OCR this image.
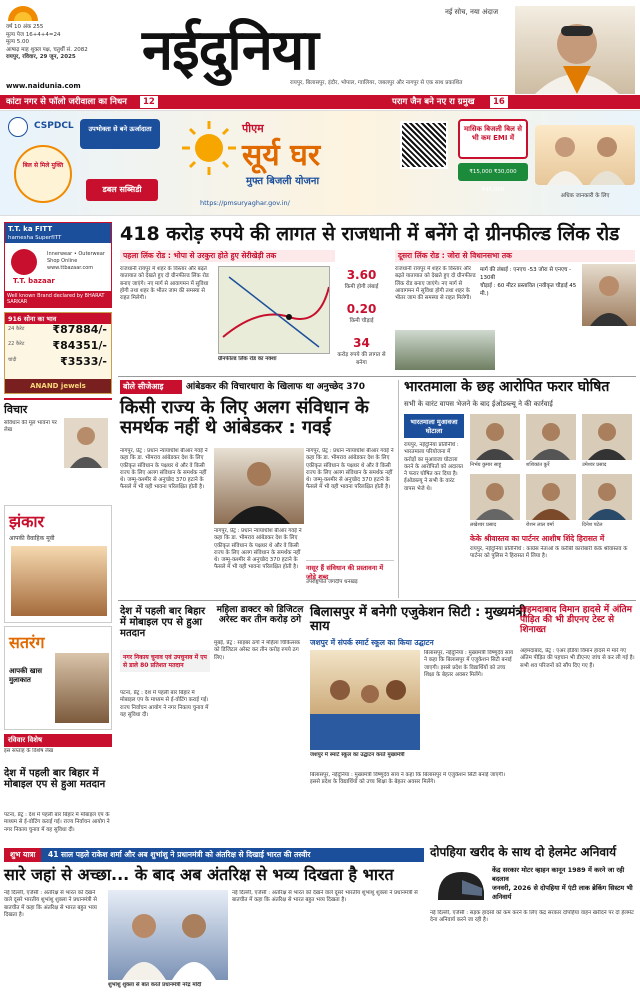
वर्ष 10 अंक 255
मूल्य पेज 16+4+4=24
मूल्य 5.00
आषाढ़ माह शुक्ल पक्ष, चतुर्थी सं. 2082
रायपुर, रविवार, 29 जून, 2025
www.naidunia.com
नईदुनिया
नई सोच, नया अंदाज
रायपुर, बिलासपुर, इंदौर, भोपाल, ग्वालियर, जबलपुर और नागपुर से एक साथ प्रकाशित
कांटा नगर से फॉलो जरीवाला का निधन	12	पराग जैन बने नए रा ग्रमुख	16
CSPDCL
बिल से मिले मुक्ति
उपभोक्ता से बने ऊर्जादाता
डबल सब्सिडी
पीएम
सूर्य घर
मुफ्त बिजली योजना
https://pmsuryaghar.gov.in/
मासिक बिजली बिल से भी कम EMI में
₹15,000 ₹30,000 ₹45,000
अधिक जानकारी के लिए
T.T. ka FITT
hamesha SuperfITT
T.T. bazaar
Innerwear • Outerwear
Shop Online www.ttbazaar.com
Well known Brand declared by BHARAT SARKAR
916 सोना का भाव
24 कैरेट	₹87884/-
22 कैरेट	₹84351/-
चांदी	₹3533/-
ANAND jewels
विचार
संविधान की मूल भावना पर लेख
झंकार
आपकी वैवाहिक मूवी
सतरंग
आपकी खास मुलाकात
रविवार विशेष
इस सप्ताह के विशेष लेख
418 करोड़ रुपये की लागत से राजधानी में बनेंगे दो ग्रीनफील्ड लिंक रोड
पहला लिंक रोड : भोपा से उरकुरा होते हुए सेरीखेड़ी तक	दूसरा लिंक रोड : जोरा से विधानसभा तक
राजधानी रायपुर में शहर के विस्तार और बढ़ते यातायात को देखते हुए दो ग्रीनफील्ड लिंक रोड बनाए जाएंगे। नए मार्ग से आवागमन में सुविधा होगी तथा शहर के भीतर जाम की समस्या से राहत मिलेगी।
ग्रीनफील्ड लिंक रोड का नक्शा
3.60
किमी होगी लंबाई
0.20
किमी चौड़ाई
34
करोड़ रुपये की लागत से बनेगा
राजधानी रायपुर में शहर के विस्तार और बढ़ते यातायात को देखते हुए दो ग्रीनफील्ड लिंक रोड बनाए जाएंगे। नए मार्ग से आवागमन में सुविधा होगी तथा शहर के भीतर जाम की समस्या से राहत मिलेगी।
मार्ग की लंबाई : एनएच -53 जोरा से एनएच - 130बी
चौड़ाई : 60 मीटर प्रस्तावित (नवीकृत चौड़ाई 45 मी.)
बोले सीजेआइ	आंबेडकर की विचारधारा के खिलाफ था अनुच्छेद 370
किसी राज्य के लिए अलग संविधान के समर्थक नहीं थे आंबेडकर : गवई
नागपुर, प्रेट्र : प्रधान न्यायाधीश बीआर गवई ने कहा कि डा. भीमराव आंबेडकर देश के लिए एकीकृत संविधान के पक्षधर थे और वे किसी राज्य के लिए अलग संविधान के समर्थक नहीं थे। जम्मू-कश्मीर से अनुच्छेद 370 हटाने के फैसले में भी यही भावना परिलक्षित होती है।
नागपुर, प्रेट्र : प्रधान न्यायाधीश बीआर गवई ने कहा कि डा. भीमराव आंबेडकर देश के लिए एकीकृत संविधान के पक्षधर थे और वे किसी राज्य के लिए अलग संविधान के समर्थक नहीं थे। जम्मू-कश्मीर से अनुच्छेद 370 हटाने के फैसले में भी यही भावना परिलक्षित होती है।
नागपुर, प्रेट्र : प्रधान न्यायाधीश बीआर गवई ने कहा कि डा. भीमराव आंबेडकर देश के लिए एकीकृत संविधान के पक्षधर थे और वे किसी राज्य के लिए अलग संविधान के समर्थक नहीं थे। जम्मू-कश्मीर से अनुच्छेद 370 हटाने के फैसले में भी यही भावना परिलक्षित होती है।
भारतमाला के छह आरोपित फरार घोषित
सभी के वारंट वापस भेजने के बाद ईओडब्ल्यू ने की कार्रवाई
भारतमाला मुआवजा घोटाला
रायपुर, नईदुनिया प्रतिनिधि : भारतमाला परियोजना में करोड़ों का मुआवजा घोटाला करने के आरोपितों को अदालत ने फरार घोषित कर दिया है। ईओडब्ल्यू ने सभी के वारंट वापस भेजे थे।
निर्भय कुमार साहू	शशिकांत कुर्रे	उमेश्वर प्रसाद
लखेश्वर प्रसाद	रोशन लाल वर्मा	दिनेश पटेल
केके श्रीवास्तव का पार्टनर आशीष शिंदे हिरासत में
रायपुर, नईदुनिया प्रतिनिधि : कांग्रेस नेताओं के करीबी कारोबारी केके श्रीवास्तव के पार्टनर को पुलिस ने हिरासत में लिया है।
देश में पहली बार बिहार में मोबाइल एप से हुआ मतदान
पटना, प्रेट्र : देश में पहली बार बिहार में मोबाइल एप के माध्यम से ई-वोटिंग कराई गई। राज्य निर्वाचन आयोग ने नगर निकाय चुनाव में यह सुविधा दी।
देश में पहली बार बिहार में मोबाइल एप से हुआ मतदान
नगर निकाय चुनाव एवं उपचुनाव में एप से डाले 80 प्रतिशत मतदान
पटना, प्रेट्र : देश में पहली बार बिहार में मोबाइल एप के माध्यम से ई-वोटिंग कराई गई। राज्य निर्वाचन आयोग ने नगर निकाय चुनाव में यह सुविधा दी।
महिला डाक्टर को डिजिटल अरेस्ट कर तीन करोड़ ठगे
मुंबई, प्रेट्र : साइबर ठगों ने महिला चिकित्सक को डिजिटल अरेस्ट कर तीन करोड़ रुपये ठग लिए।
बिलासपुर में बनेगी एजुकेशन सिटी : मुख्यमंत्री साय
जशपुर में संपर्क स्मार्ट स्कूल का किया उद्घाटन
जशपुर में स्मार्ट स्कूल का उद्घाटन करते मुख्यमंत्री
बिलासपुर, नईदुनिया : मुख्यमंत्री विष्णुदेव साय ने कहा कि बिलासपुर में एजुकेशन सिटी बनाई जाएगी। इससे प्रदेश के विद्यार्थियों को उच्च शिक्षा के बेहतर अवसर मिलेंगे।
बिलासपुर, नईदुनिया : मुख्यमंत्री विष्णुदेव साय ने कहा कि बिलासपुर में एजुकेशन सिटी बनाई जाएगी। इससे प्रदेश के विद्यार्थियों को उच्च शिक्षा के बेहतर अवसर मिलेंगे।
अहमदाबाद विमान हादसे में अंतिम पीड़ित की भी डीएनए टेस्ट से शिनाख्त
अहमदाबाद, प्रेट्र : एअर इंडिया विमान हादसे में मारे गए अंतिम पीड़ित की पहचान भी डीएनए जांच से कर ली गई है। सभी शव परिजनों को सौंप दिए गए हैं।
नासूर हैं संविधान की प्रस्तावना में जोड़े शब्द
उपराष्ट्रपति जगदीप धनखड़
शुभ यात्रा 41 साल पहले राकेश शर्मा और अब शुभांशु ने प्रधानमंत्री को अंतरिक्ष से दिखाई भारत की तस्वीर
सारे जहां से अच्छा... के बाद अब अंतरिक्ष से भव्य दिखता है भारत
नई दिल्ली, एजेंसी : अंतरिक्ष से भारत को देखने वाले दूसरे भारतीय शुभांशु शुक्ला ने प्रधानमंत्री से बातचीत में कहा कि अंतरिक्ष से भारत बहुत भव्य दिखता है।
शुभांशु शुक्ला से बात करते प्रधानमंत्री नरेंद्र मोदी
नई दिल्ली, एजेंसी : अंतरिक्ष से भारत को देखने वाले दूसरे भारतीय शुभांशु शुक्ला ने प्रधानमंत्री से बातचीत में कहा कि अंतरिक्ष से भारत बहुत भव्य दिखता है।
दोपहिया खरीद के साथ दो हेलमेट अनिवार्य
केंद्र सरकार मोटर व्हाहन कानून 1989 में करने जा रही बदलाव
जनवरी, 2026 से दोपहिया में एंटी लाक ब्रेकिंग सिस्टम भी अनिवार्य
नई दिल्ली, एजेंसी : सड़क हादसों को कम करने के लिए केंद्र सरकार दोपहिया वाहन खरीदने पर दो हेलमेट देना अनिवार्य करने जा रही है।
